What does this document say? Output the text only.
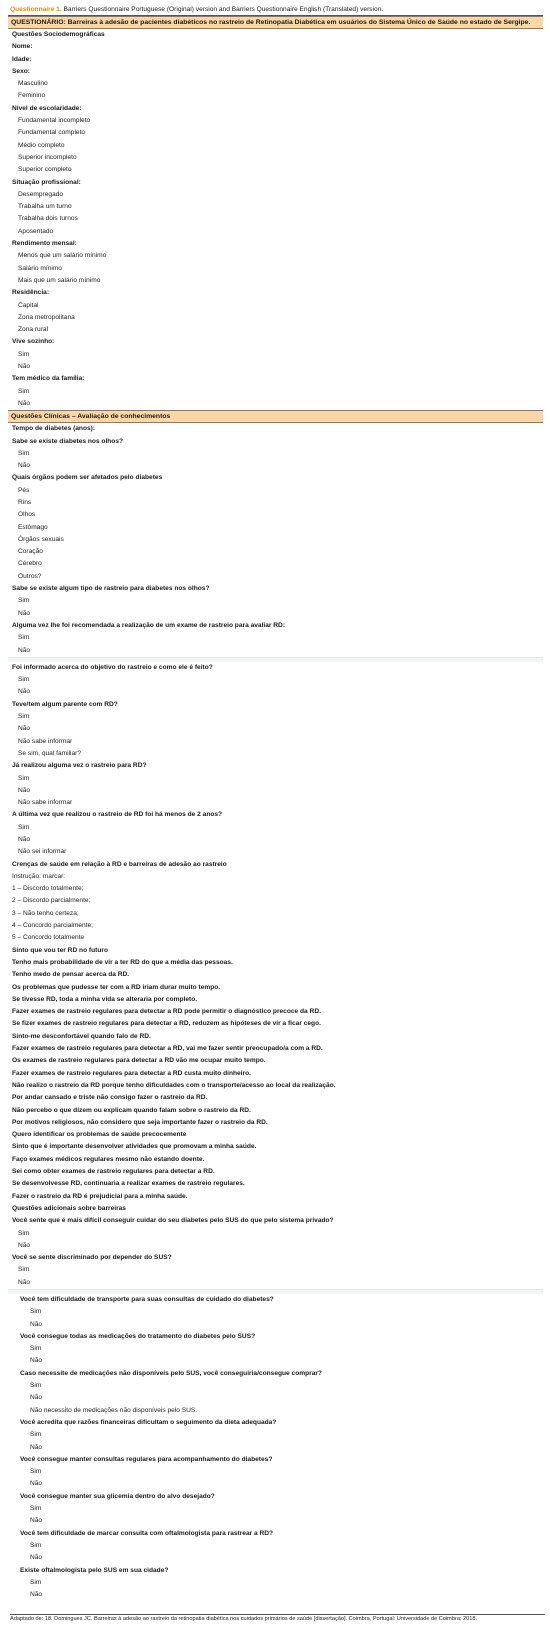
Questionnaire 1. Barriers Questionnaire Portuguese (Original) version and Barriers Questionnaire English (Translated) version.
QUESTIONÁRIO: Barreiras à adesão de pacientes diabéticos no rastreio de Retinopatia Diabética em usuários do Sistema Único de Saúde no estado de Sergipe.
Questões Sociodemográficas
Nome:
Idade:
Sexo:
Masculino
Feminino
Nível de escolaridade:
Fundamental incompleto
Fundamental completo
Médio completo
Superior incompleto
Superior completo
Situação profissional:
Desempregado
Trabalha um turno
Trabalha dois turnos
Aposentado
Rendimento mensal:
Menos que um salário mínimo
Salário mínimo
Mais que um salário mínimo
Residência:
Capital
Zona metropolitana
Zona rural
Vive sozinho:
Sim
Não
Tem médico da família:
Sim
Não
Questões Clínicas – Avaliação de conhecimentos
Tempo de diabetes (anos):
Sabe se existe diabetes nos olhos?
Sim
Não
Quais órgãos podem ser afetados pelo diabetes
Pés
Rins
Olhos
Estômago
Órgãos sexuais
Coração
Cérebro
Outros?
Sabe se existe algum tipo de rastreio para diabetes nos olhos?
Sim
Não
Alguma vez lhe foi recomendada a realização de um exame de rastreio para avaliar RD:
Sim
Não
Foi informado acerca do objetivo do rastreio e como ele é feito?
Sim
Não
Teve/tem algum parente com RD?
Sim
Não
Não sabe informar
Se sim, qual familiar?
Já realizou alguma vez o rastreio para RD?
Sim
Não
Não sabe informar
A última vez que realizou o rastreio de RD foi há menos de 2 anos?
Sim
Não
Não sei informar
Crenças de saúde em relação à RD e barreiras de adesão ao rastreio
Instrução: marcar:
1 – Discordo totalmente;
2 – Discordo parcialmente;
3 – Não tenho certeza;
4 – Concordo parcialmente;
5 – Concordo totalmente
Sinto que vou ter RD no futuro
Tenho mais probabilidade de vir a ter RD do que a média das pessoas.
Tenho medo de pensar acerca da RD.
Os problemas que pudesse ter com a RD iriam durar muito tempo.
Se tivesse RD, toda a minha vida se alteraria por completo.
Fazer exames de rastreio regulares para detectar a RD pode permitir o diagnóstico precoce da RD.
Se fizer exames de rastreio regulares para detectar a RD, reduzem as hipóteses de vir a ficar cego.
Sinto-me desconfortável quando falo de RD.
Fazer exames de rastreio regulares para detectar a RD, vai me fazer sentir preocupado/a com a RD.
Os exames de rastreio regulares para detectar a RD vão me ocupar muito tempo.
Fazer exames de rastreio regulares para detectar a RD custa muito dinheiro.
Não realizo o rastreio da RD porque tenho dificuldades com o transporte/acesso ao local da realização.
Por andar cansado e triste não consigo fazer o rastreio da RD.
Não percebo o que dizem ou explicam quando falam sobre o rastreio da RD.
Por motivos religiosos, não considero que seja importante fazer o rastreio da RD.
Quero identificar os problemas de saúde precocemente
Sinto que é importante desenvolver atividades que promovam a minha saúde.
Faço exames médicos regulares mesmo não estando doente.
Sei como obter exames de rastreio regulares para detectar a RD.
Se desenvolvesse RD, continuaria a realizar exames de rastreio regulares.
Fazer o rastreio da RD é prejudicial para a minha saúde.
Questões adicionais sobre barreiras
Você sente que é mais difícil conseguir cuidar do seu diabetes pelo SUS do que pelo sistema privado?
Sim
Não
Você se sente discriminado por depender do SUS?
Sim
Não
Você tem dificuldade de transporte para suas consultas de cuidado do diabetes?
Sim
Não
Você consegue todas as medicações do tratamento do diabetes pelo SUS?
Sim
Não
Caso necessite de medicações não disponíveis pelo SUS, você conseguiria/consegue comprar?
Sim
Não
Não necessito de medicações não disponíveis pelo SUS.
Você acredita que razões financeiras dificultam o seguimento da dieta adequada?
Sim
Não
Você consegue manter consultas regulares para acompanhamento do diabetes?
Sim
Não
Você consegue manter sua glicemia dentro do alvo desejado?
Sim
Não
Você tem dificuldade de marcar consulta com oftalmologista para rastrear a RD?
Sim
Não
Existe oftalmologista pelo SUS em sua cidade?
Sim
Não
Adaptado de: 18. Domingues JC. Barreiras à adesão ao rastreio da retinopatia diabética nos cuidados primários de saúde [dissertação]. Coimbra, Portugal: Universidade de Coimbra; 2018.
